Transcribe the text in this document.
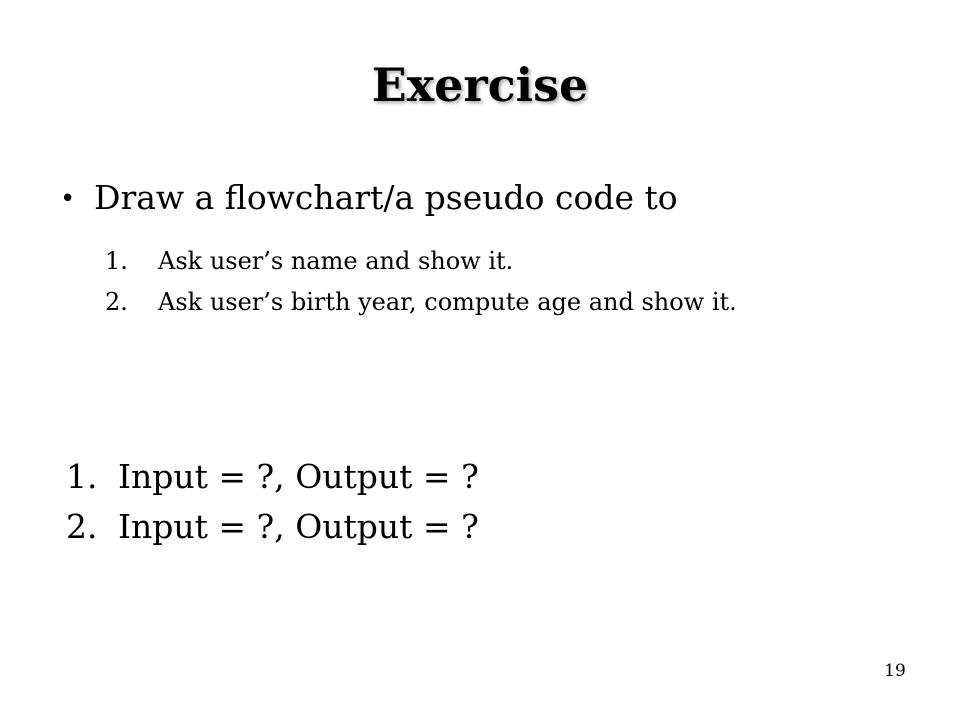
Exercise
• Draw a flowchart/a pseudo code to
1.	Ask user’s name and show it.
2.	Ask user’s birth year, compute age and show it.
1. Input = ?, Output = ?
2. Input = ?, Output = ?
19
